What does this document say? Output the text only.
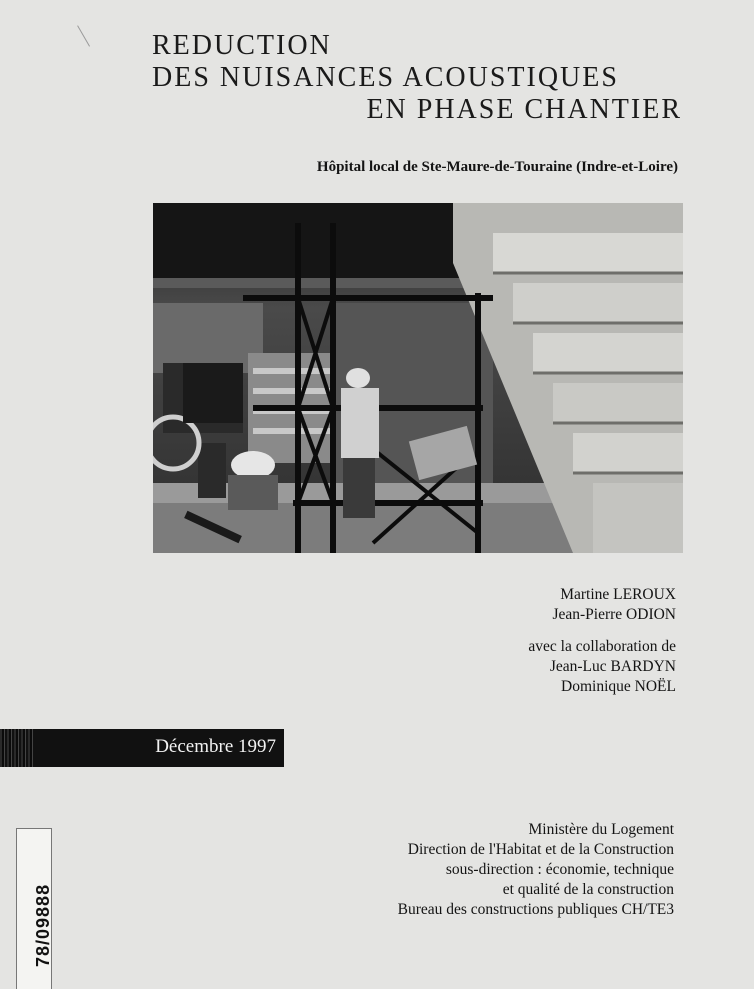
REDUCTION
DES NUISANCES ACOUSTIQUES
EN PHASE CHANTIER
Hôpital local de Ste-Maure-de-Touraine (Indre-et-Loire)
Martine LEROUX
Jean-Pierre ODION
avec la collaboration de
Jean-Luc BARDYN
Dominique NOËL
Décembre 1997
Ministère du Logement
Direction de l'Habitat et de la Construction
sous-direction : économie, technique
et qualité de la construction
Bureau des constructions publiques CH/TE3
78/09888
